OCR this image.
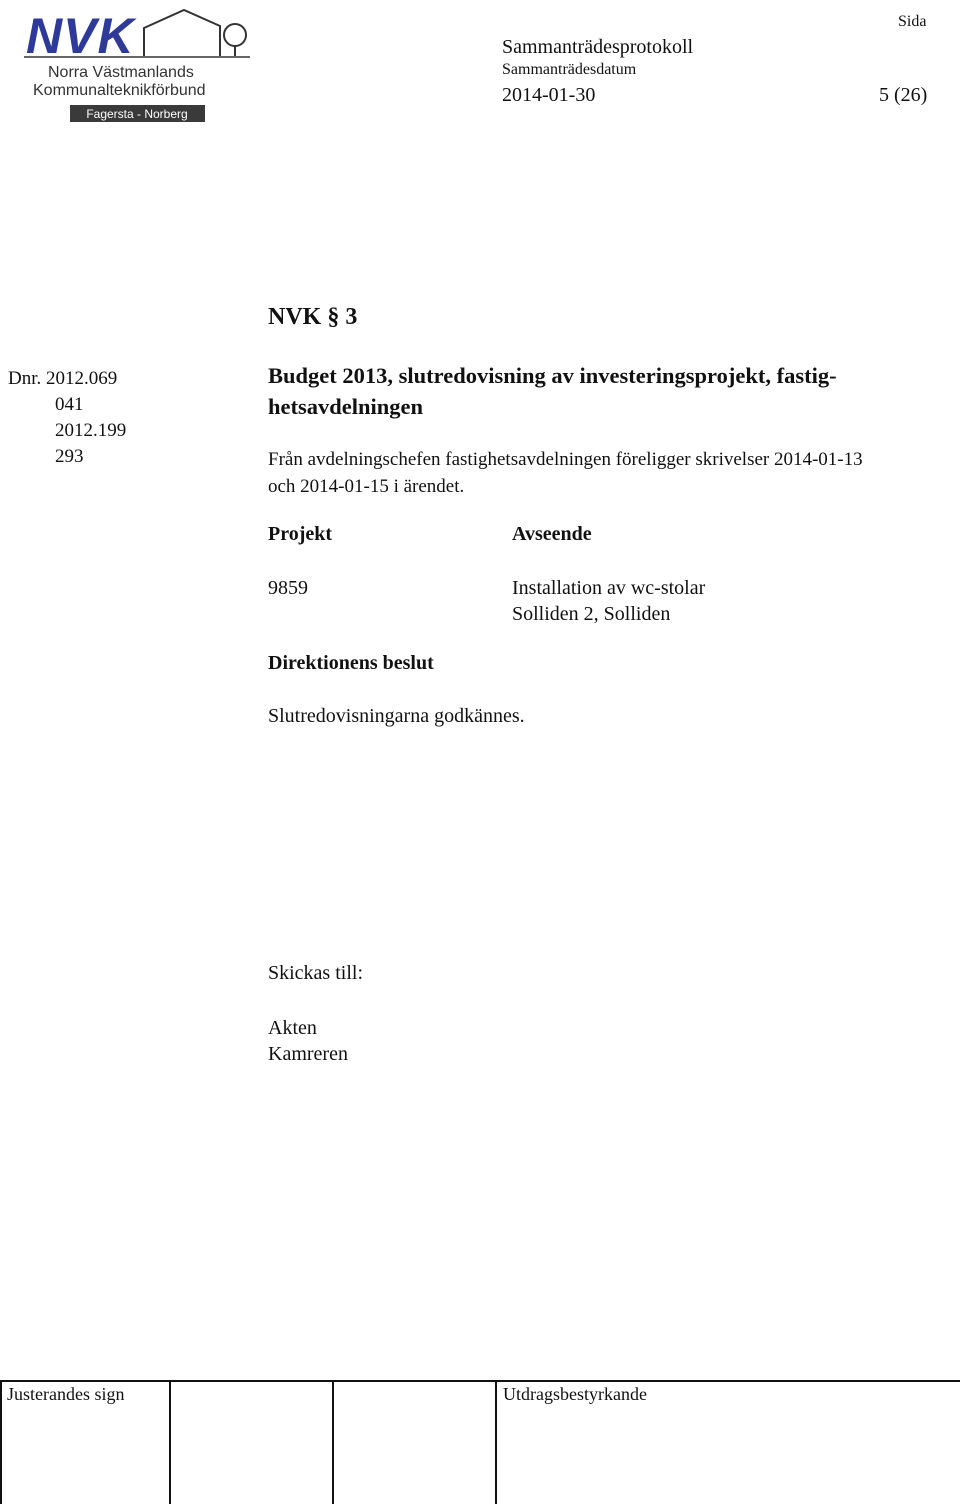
NVK
Norra Västmanlands
Kommunalteknikförbund
Fagersta - Norberg
Sammanträdesprotokoll
Sammanträdesdatum
2014-01-30
Sida
5 (26)
NVK § 3
Dnr. 2012.069
041
2012.199
293
Budget 2013, slutredovisning av investeringsprojekt, fastig-
hetsavdelningen
Från avdelningschefen fastighetsavdelningen föreligger skrivelser 2014-01-13
och 2014-01-15 i ärendet.
Projekt	Avseende
9859	Installation av wc-stolar
Solliden 2, Solliden
Direktionens beslut
Slutredovisningarna godkännes.
Skickas till:
Akten
Kamreren
Justerandes sign	Utdragsbestyrkande
